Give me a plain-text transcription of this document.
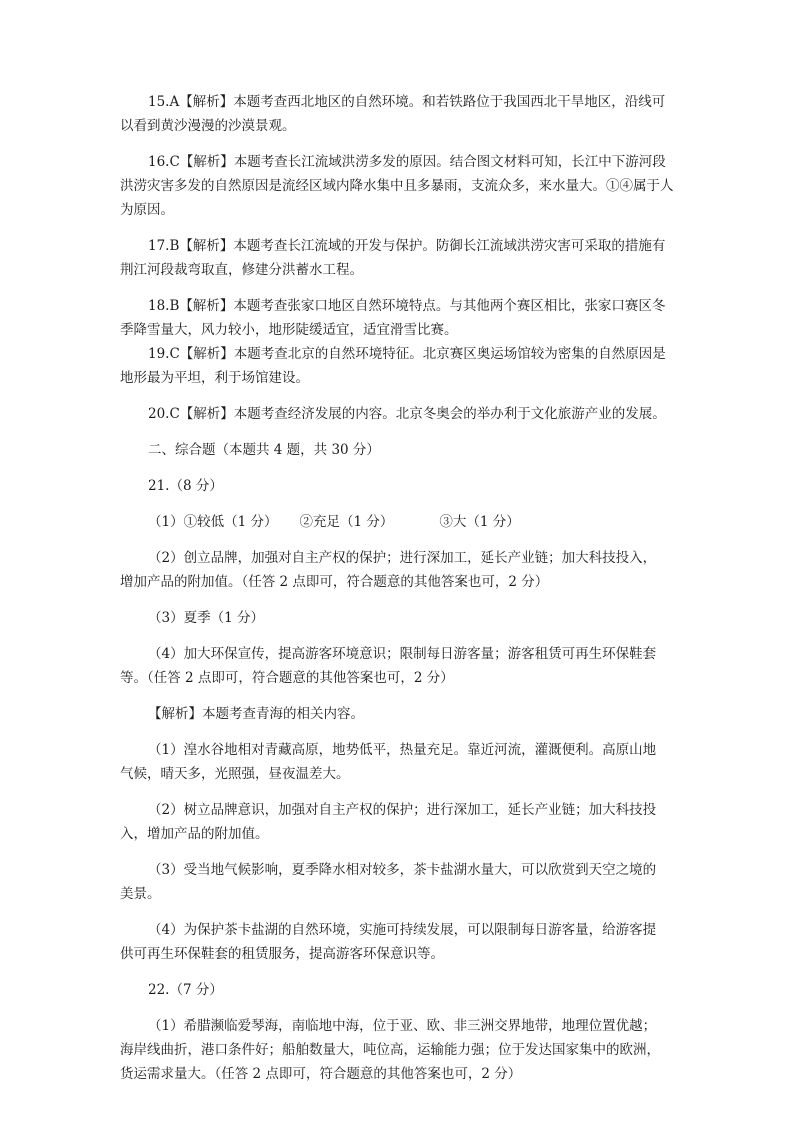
15.A【解析】本题考查西北地区的自然环境。和若铁路位于我国西北干旱地区，沿线可
以看到黄沙漫漫的沙漠景观。

16.C【解析】本题考查长江流域洪涝多发的原因。结合图文材料可知，长江中下游河段
洪涝灾害多发的自然原因是流经区域内降水集中且多暴雨，支流众多，来水量大。①④属于人
为原因。

17.B【解析】本题考查长江流域的开发与保护。防御长江流域洪涝灾害可采取的措施有
荆江河段裁弯取直，修建分洪蓄水工程。

18.B【解析】本题考查张家口地区自然环境特点。与其他两个赛区相比，张家口赛区冬
季降雪量大，风力较小，地形陡缓适宜，适宜滑雪比赛。

19.C【解析】本题考查北京的自然环境特征。北京赛区奥运场馆较为密集的自然原因是
地形最为平坦，利于场馆建设。

20.C【解析】本题考查经济发展的内容。北京冬奥会的举办利于文化旅游产业的发展。

二、综合题（本题共 4 题，共 30 分）

21.（8 分）

（1）①较低（1 分） ②充足（1 分）	③大（1 分）

（2）创立品牌，加强对自主产权的保护；进行深加工，延长产业链；加大科技投入，
增加产品的附加值。（任答 2 点即可，符合题意的其他答案也可，2 分）

（3）夏季（1 分）

（4）加大环保宣传，提高游客环境意识；限制每日游客量；游客租赁可再生环保鞋套
等。（任答 2 点即可，符合题意的其他答案也可，2 分）

【解析】本题考查青海的相关内容。

（1）湟水谷地相对青藏高原，地势低平，热量充足。靠近河流，灌溉便利。高原山地
气候，晴天多，光照强，昼夜温差大。

（2）树立品牌意识，加强对自主产权的保护；进行深加工，延长产业链；加大科技投
入，增加产品的附加值。

（3）受当地气候影响，夏季降水相对较多，茶卡盐湖水量大，可以欣赏到天空之境的
美景。

（4）为保护茶卡盐湖的自然环境，实施可持续发展，可以限制每日游客量，给游客提
供可再生环保鞋套的租赁服务，提高游客环保意识等。

22.（7 分）

（1）希腊濒临爱琴海，南临地中海，位于亚、欧、非三洲交界地带，地理位置优越；
海岸线曲折，港口条件好；船舶数量大，吨位高，运输能力强；位于发达国家集中的欧洲，
货运需求量大。（任答 2 点即可，符合题意的其他答案也可，2 分）
